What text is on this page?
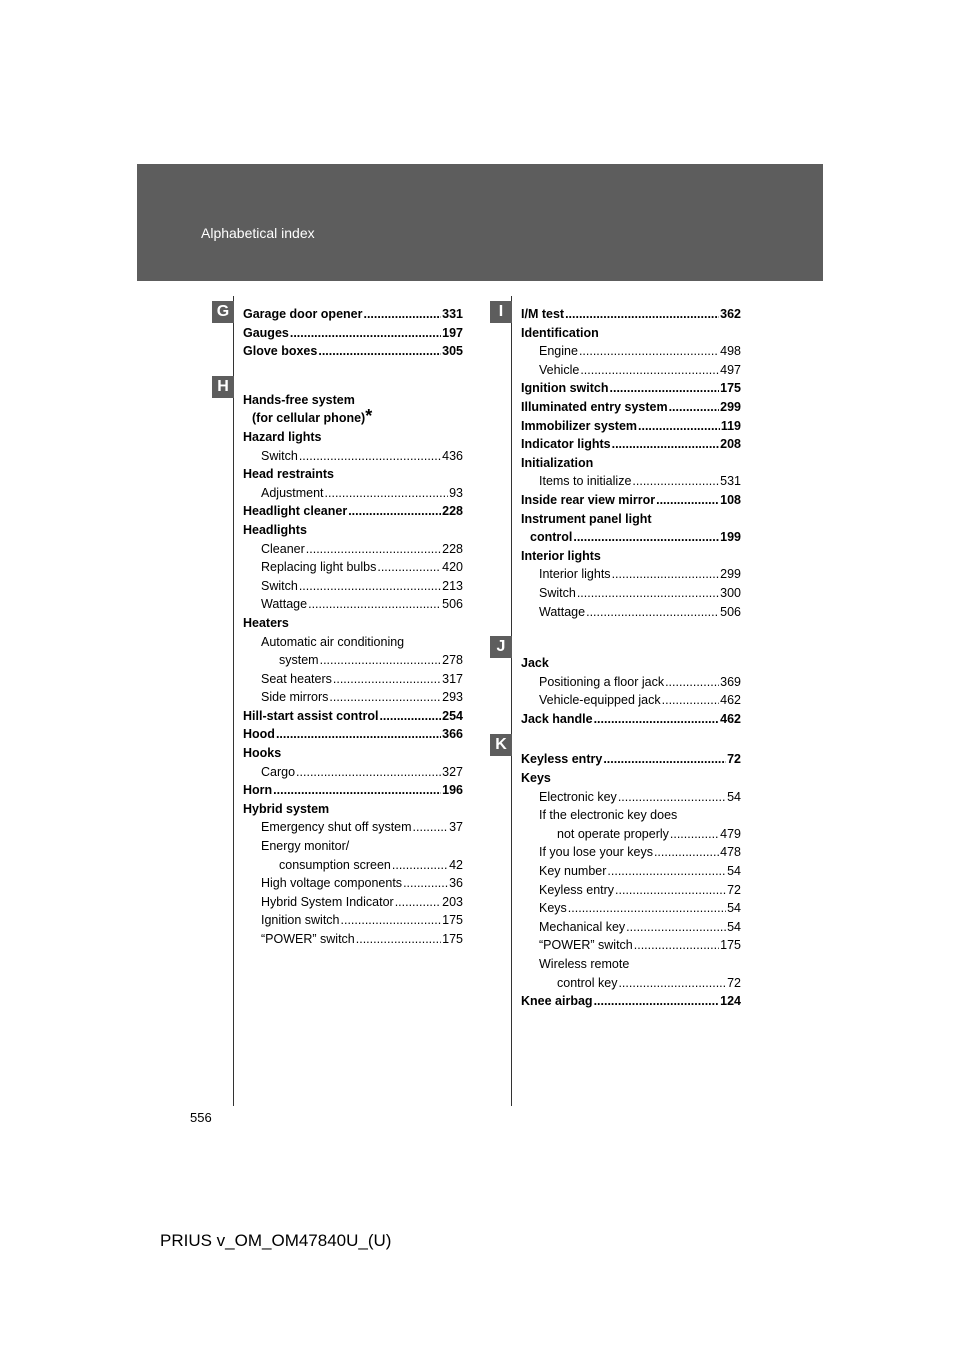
Alphabetical index
G
H
I
J
K
Garage door opener .....	331
Gauges .....	197
Glove boxes .....	305
Hands-free system
(for cellular phone) *
Hazard lights
Switch .....	436
Head restraints
Adjustment .....	93
Headlight cleaner .....	228
Headlights
Cleaner .....	228
Replacing light bulbs .....	420
Switch .....	213
Wattage .....	506
Heaters
Automatic air conditioning
system .....	278
Seat heaters .....	317
Side mirrors .....	293
Hill-start assist control .....	254
Hood .....	366
Hooks
Cargo .....	327
Horn .....	196
Hybrid system
Emergency shut off system .....	37
Energy monitor/
consumption screen .....	42
High voltage components .....	36
Hybrid System Indicator .....	203
Ignition switch .....	175
“POWER” switch .....	175
I/M test .....	362
Identification
Engine .....	498
Vehicle .....	497
Ignition switch .....	175
Illuminated entry system .....	299
Immobilizer system .....	119
Indicator lights .....	208
Initialization
Items to initialize .....	531
Inside rear view mirror .....	108
Instrument panel light
control .....	199
Interior lights
Interior lights .....	299
Switch .....	300
Wattage .....	506
Jack
Positioning a floor jack .....	369
Vehicle-equipped jack .....	462
Jack handle .....	462
Keyless entry .....	72
Keys
Electronic key .....	54
If the electronic key does
not operate properly .....	479
If you lose your keys .....	478
Key number .....	54
Keyless entry .....	72
Keys .....	54
Mechanical key .....	54
“POWER” switch .....	175
Wireless remote
control key .....	72
Knee airbag .....	124
556
PRIUS v_OM_OM47840U_(U)
